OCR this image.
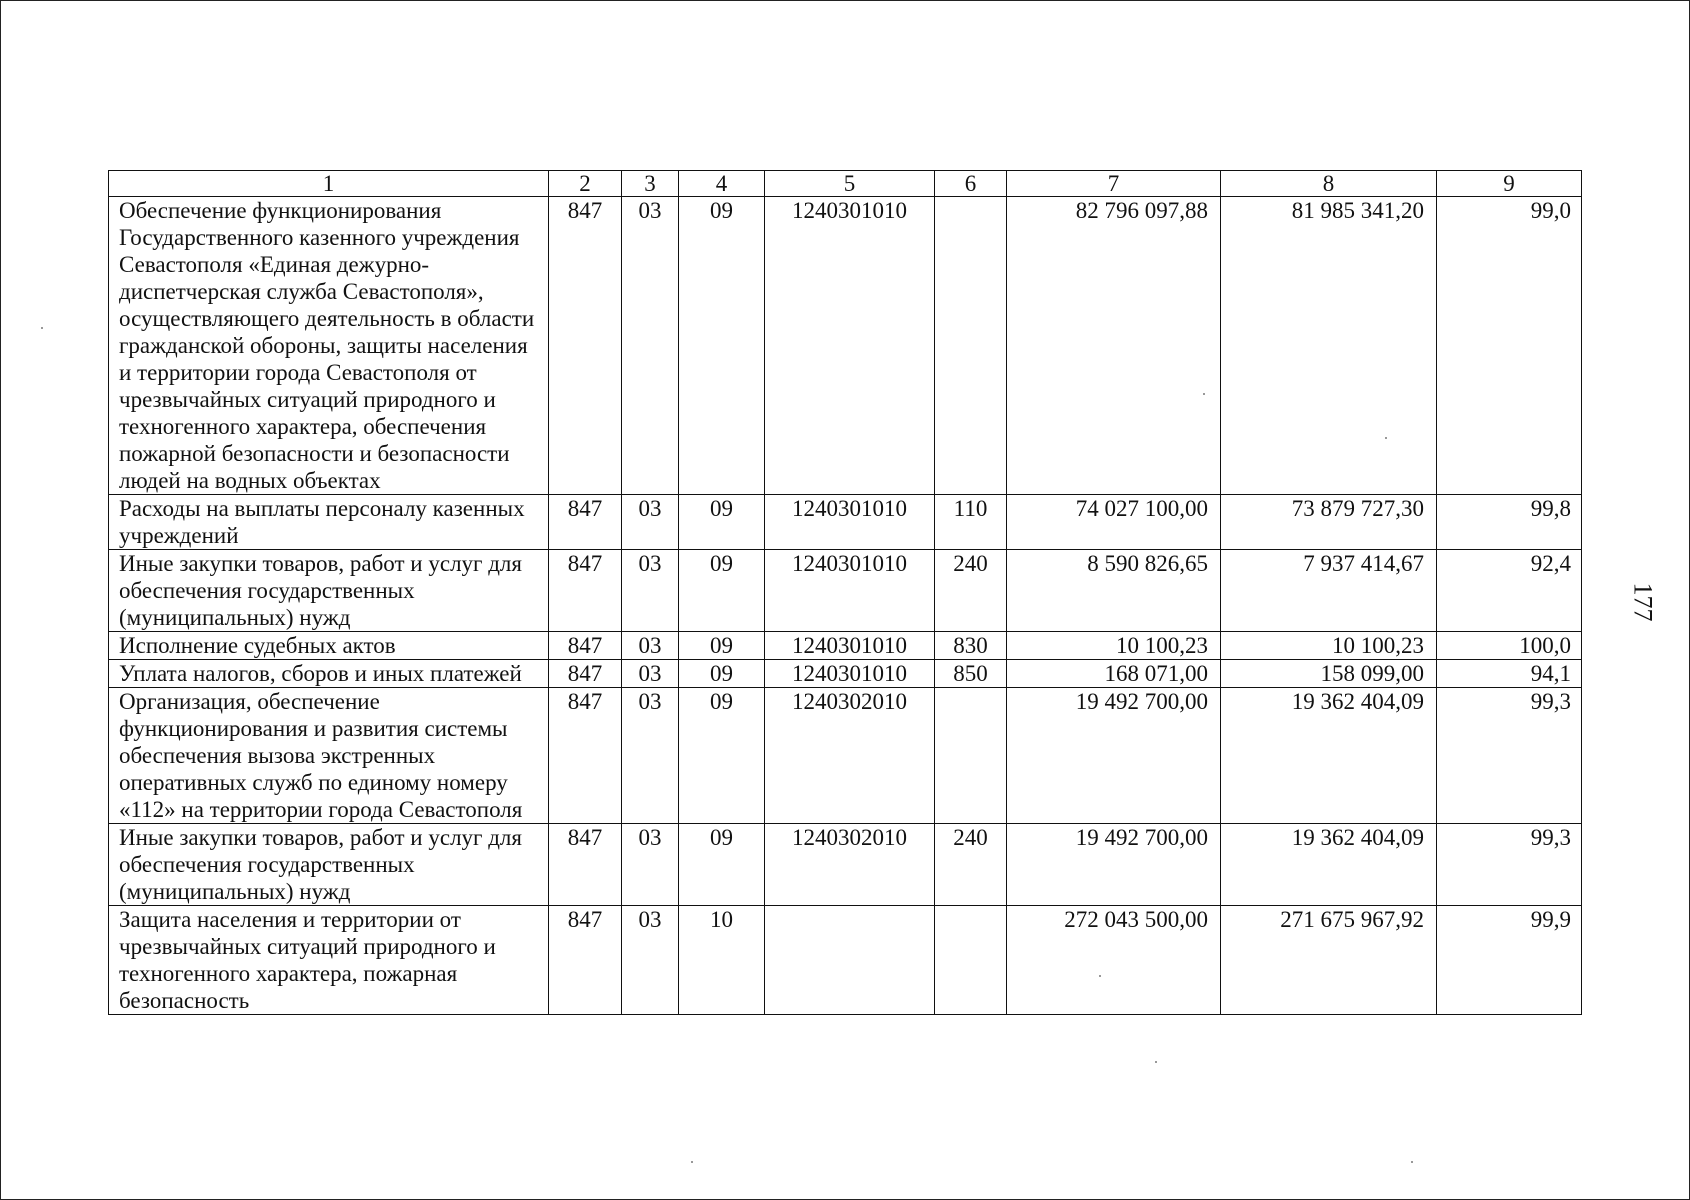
1	2	3	4	5	6	7	8	9
Обеспечение функционирования Государственного казенного учреждения Севастополя «Единая дежурно-диспетчерская служба Севастополя», осуществляющего деятельность в области гражданской обороны, защиты населения и территории города Севастополя от чрезвычайных ситуаций природного и техногенного характера, обеспечения пожарной безопасности и безопасности людей на водных объектах	847	03	09	1240301010		82 796 097,88	81 985 341,20	99,0
Расходы на выплаты персоналу казенных учреждений	847	03	09	1240301010	110	74 027 100,00	73 879 727,30	99,8
Иные закупки товаров, работ и услуг для обеспечения государственных (муниципальных) нужд	847	03	09	1240301010	240	8 590 826,65	7 937 414,67	92,4
Исполнение судебных актов	847	03	09	1240301010	830	10 100,23	10 100,23	100,0
Уплата налогов, сборов и иных платежей	847	03	09	1240301010	850	168 071,00	158 099,00	94,1
Организация, обеспечение функционирования и развития системы обеспечения вызова экстренных оперативных служб по единому номеру «112» на территории города Севастополя	847	03	09	1240302010		19 492 700,00	19 362 404,09	99,3
Иные закупки товаров, работ и услуг для обеспечения государственных (муниципальных) нужд	847	03	09	1240302010	240	19 492 700,00	19 362 404,09	99,3
Защита населения и территории от чрезвычайных ситуаций природного и техногенного характера, пожарная безопасность	847	03	10			272 043 500,00	271 675 967,92	99,9
177
